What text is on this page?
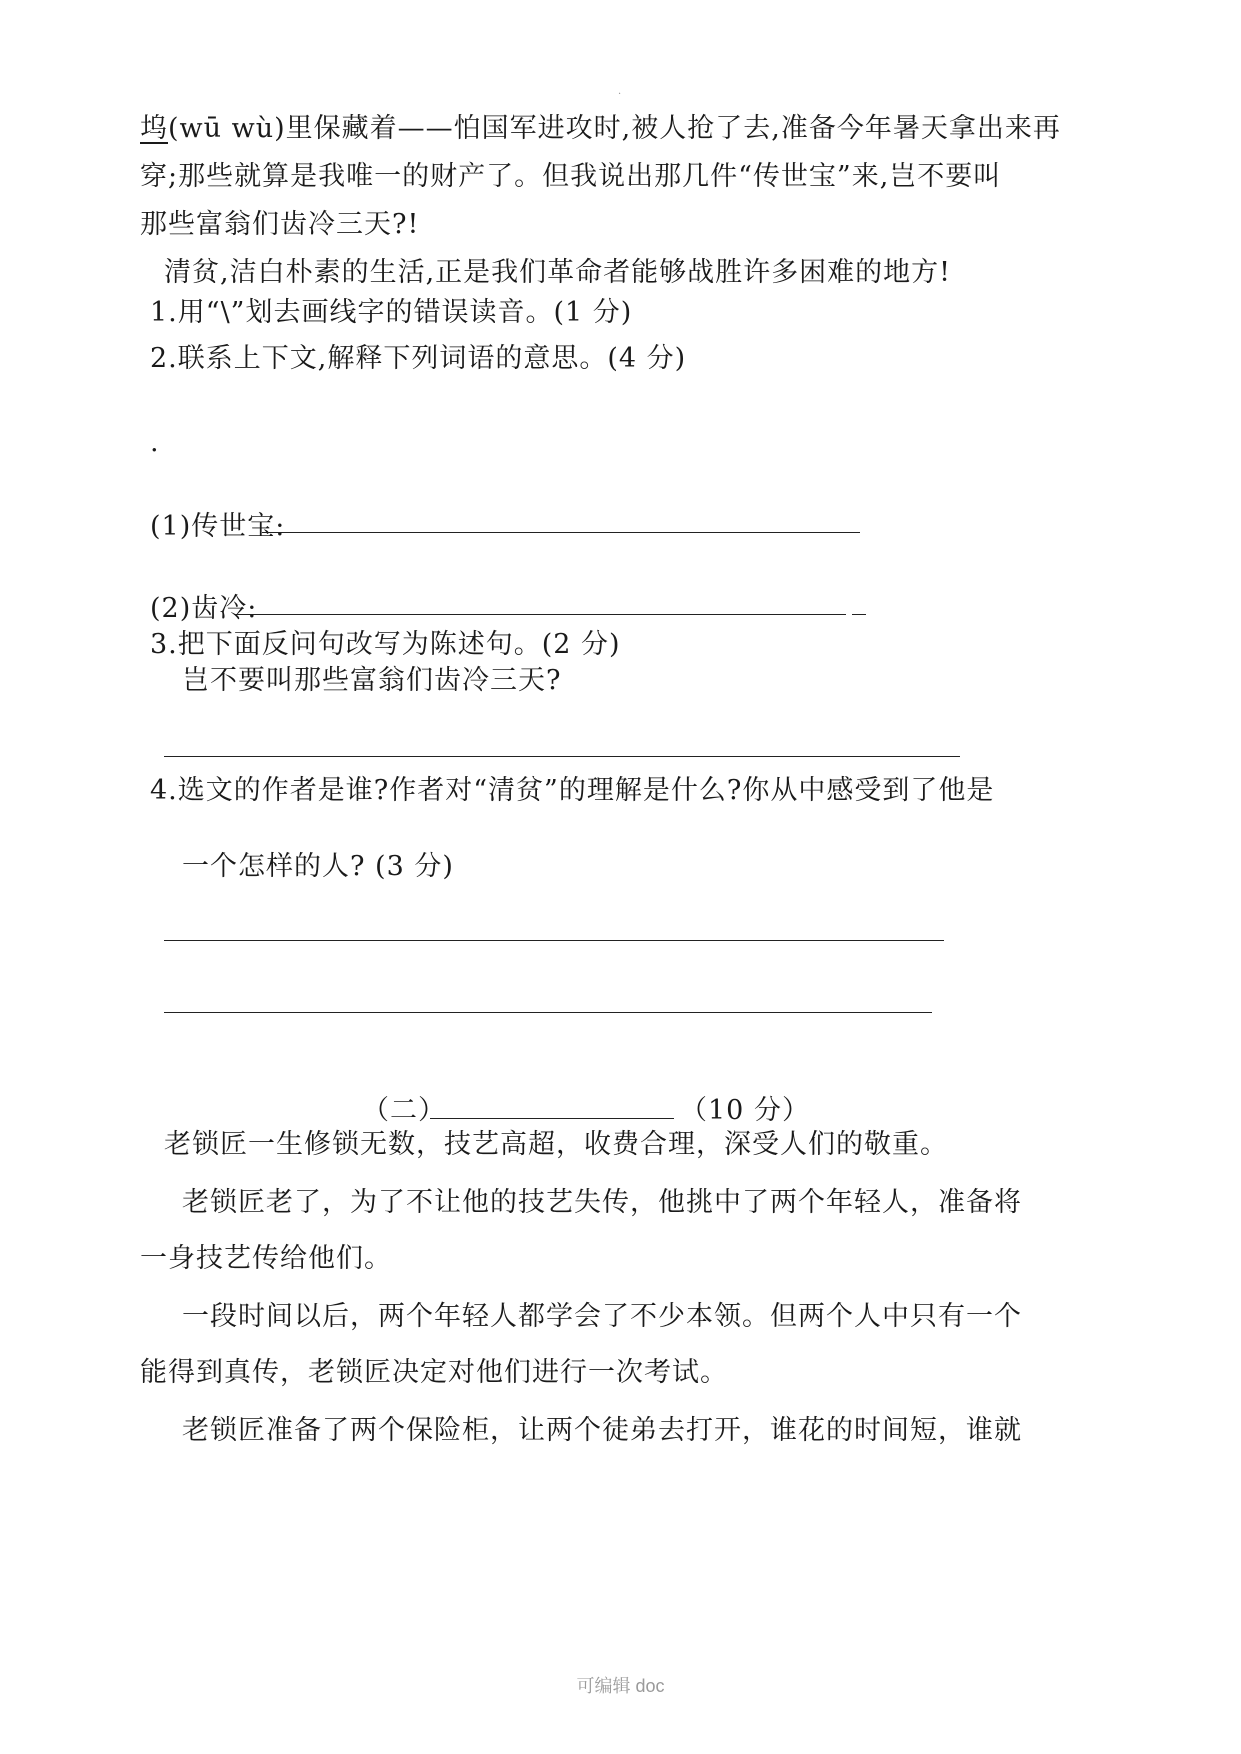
·
坞(wū wù)里保藏着——怕国军进攻时,被人抢了去,准备今年暑天拿出来再
穿;那些就算是我唯一的财产了。但我说出那几件“传世宝”来,岂不要叫
那些富翁们齿冷三天?!
清贫,洁白朴素的生活,正是我们革命者能够战胜许多困难的地方!
1.用“\”划去画线字的错误读音。(1 分)
2.联系上下文,解释下列词语的意思。(4 分)
.
(1)传世宝:
(2)齿冷:
3.把下面反问句改写为陈述句。(2 分)
岂不要叫那些富翁们齿冷三天?
4.选文的作者是谁?作者对“清贫”的理解是什么?你从中感受到了他是
一个怎样的人? (3 分)
（二）	（10 分）
老锁匠一生修锁无数，技艺高超，收费合理，深受人们的敬重。
老锁匠老了，为了不让他的技艺失传，他挑中了两个年轻人，准备将
一身技艺传给他们。
一段时间以后，两个年轻人都学会了不少本领。但两个人中只有一个
能得到真传，老锁匠决定对他们进行一次考试。
老锁匠准备了两个保险柜，让两个徒弟去打开，谁花的时间短，谁就
可编辑 doc
